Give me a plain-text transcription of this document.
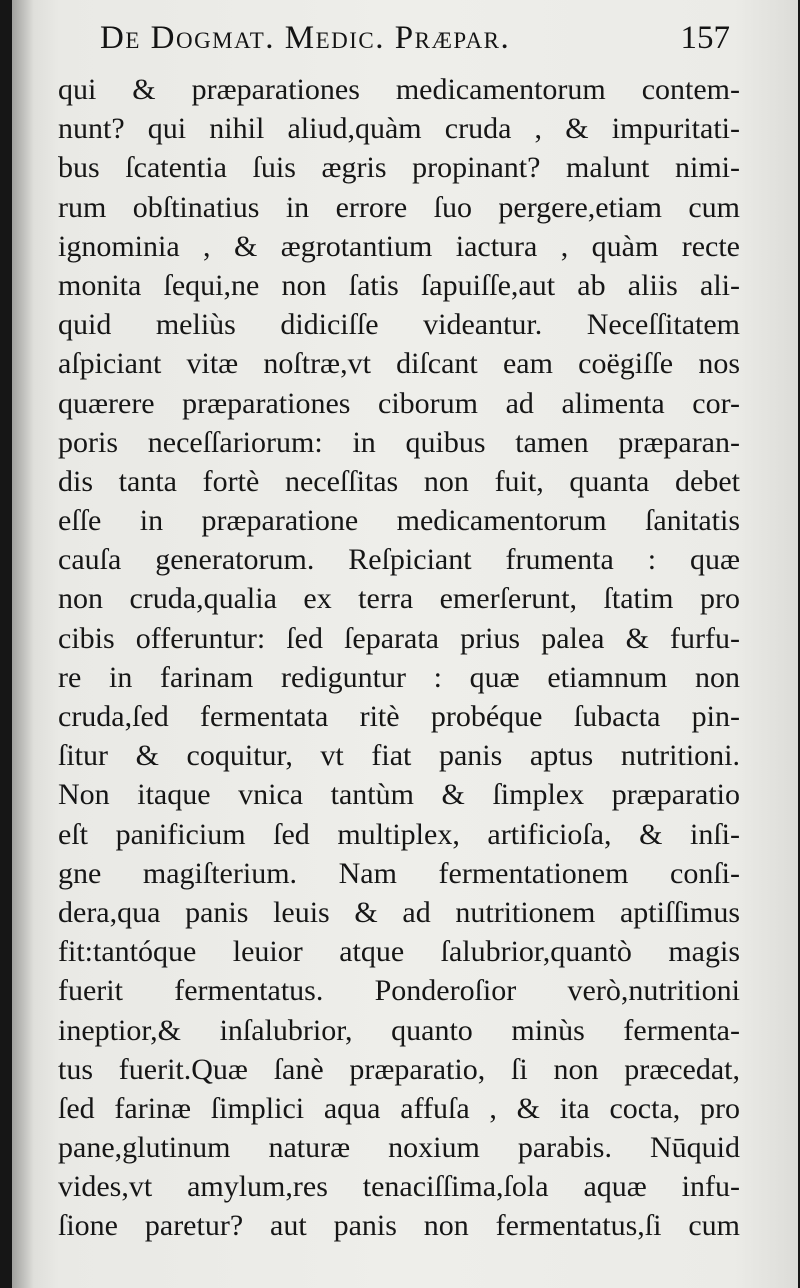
De Dogmat. Medic. Præpar.	157
qui & præparationes medicamentorum contem-
nunt? qui nihil aliud,quàm cruda , & impuritati-
bus ſcatentia ſuis ægris propinant? malunt nimi-
rum obſtinatius in errore ſuo pergere,etiam cum
ignominia , & ægrotantium iactura , quàm recte
monita ſequi,ne non ſatis ſapuiſſe,aut ab aliis ali-
quid meliùs didiciſſe videantur. Neceſſitatem
aſpiciant vitæ noſtræ,vt diſcant eam coëgiſſe nos
quærere præparationes ciborum ad alimenta cor-
poris neceſſariorum: in quibus tamen præparan-
dis tanta fortè neceſſitas non fuit, quanta debet
eſſe in præparatione medicamentorum ſanitatis
cauſa generatorum. Reſpiciant frumenta : quæ
non cruda,qualia ex terra emerſerunt, ſtatim pro
cibis offeruntur: ſed ſeparata prius palea & furfu-
re in farinam rediguntur : quæ etiamnum non
cruda,ſed fermentata ritè probéque ſubacta pin-
ſitur & coquitur, vt fiat panis aptus nutritioni.
Non itaque vnica tantùm & ſimplex præparatio
eſt panificium ſed multiplex, artificioſa, & inſi-
gne magiſterium. Nam fermentationem conſi-
dera,qua panis leuis & ad nutritionem aptiſſimus
fit:tantóque leuior atque ſalubrior,quantò magis
fuerit fermentatus. Ponderoſior verò,nutritioni
ineptior,& inſalubrior, quanto minùs fermenta-
tus fuerit.Quæ ſanè præparatio, ſi non præcedat,
ſed farinæ ſimplici aqua affuſa , & ita cocta, pro
pane,glutinum naturæ noxium parabis. Nūquid
vides,vt amylum,res tenaciſſima,ſola aquæ infu-
ſione paretur? aut panis non fermentatus,ſi cum
